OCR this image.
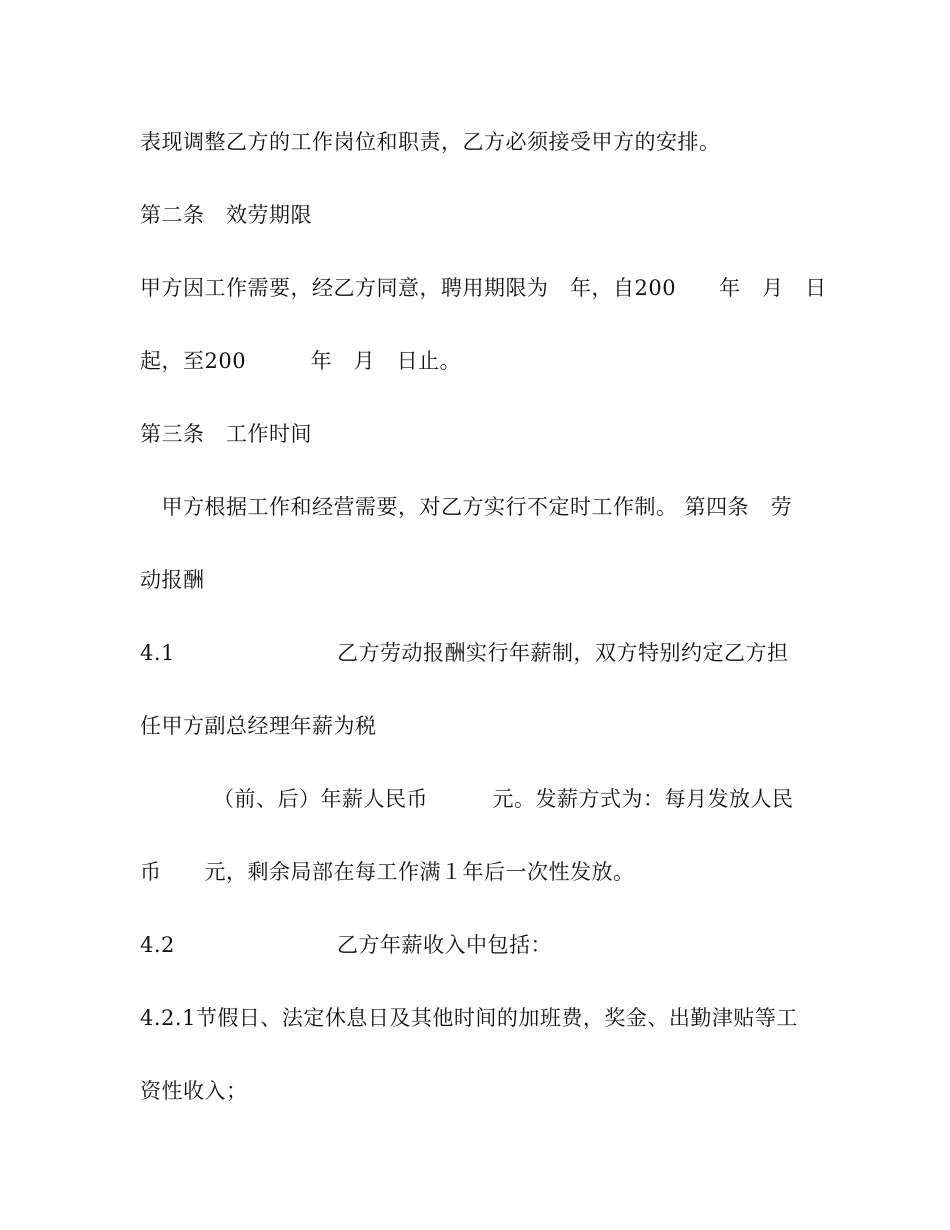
表现调整乙方的工作岗位和职责，乙方必须接受甲方的安排。
第二条　效劳期限
甲方因工作需要，经乙方同意，聘用期限为　年，自200　　年　月　日
起，至200　　　年　月　日止。
第三条　工作时间
　甲方根据工作和经营需要，对乙方实行不定时工作制。 第四条　劳
动报酬

4.1

	乙方劳动报酬实行年薪制，双方特别约定乙方担

任甲方副总经理年薪为税
（前、后）年薪人民币　　　元。发薪方式为：每月发放人民
币　　元，剩余局部在每工作满１年后一次性发放。

4.2

	乙方年薪收入中包括：

4.2.1节假日、法定休息日及其他时间的加班费，奖金、出勤津贴等工
资性收入；
